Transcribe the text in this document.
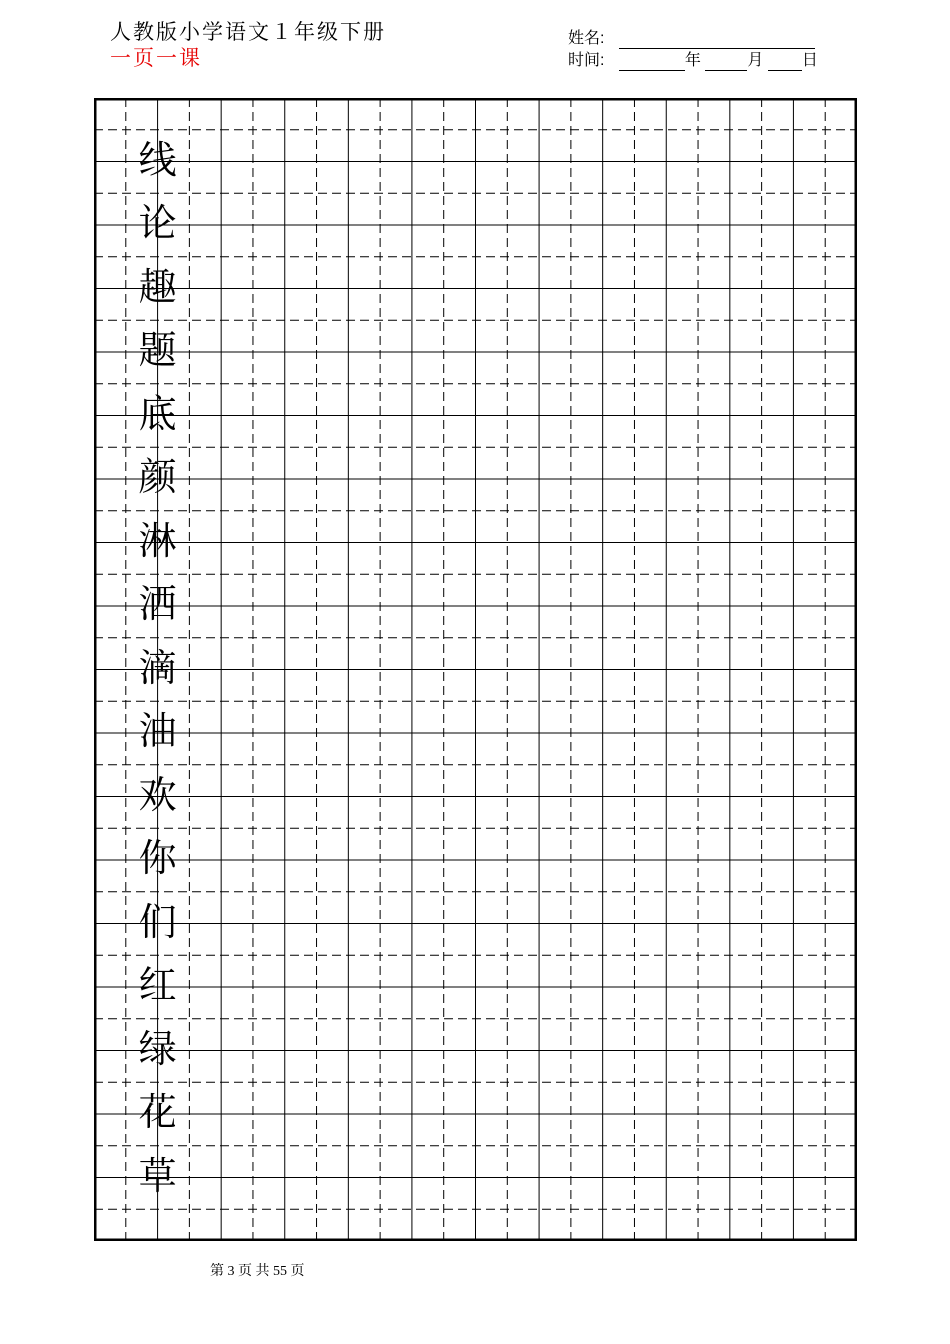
人教版小学语文１年级下册
一页一课
姓名:
时间:	年	月 日
线
论
趣
题
底
颜
淋
洒
滴
油
欢
你
们
红
绿
花
草
第 3 页 共 55 页
